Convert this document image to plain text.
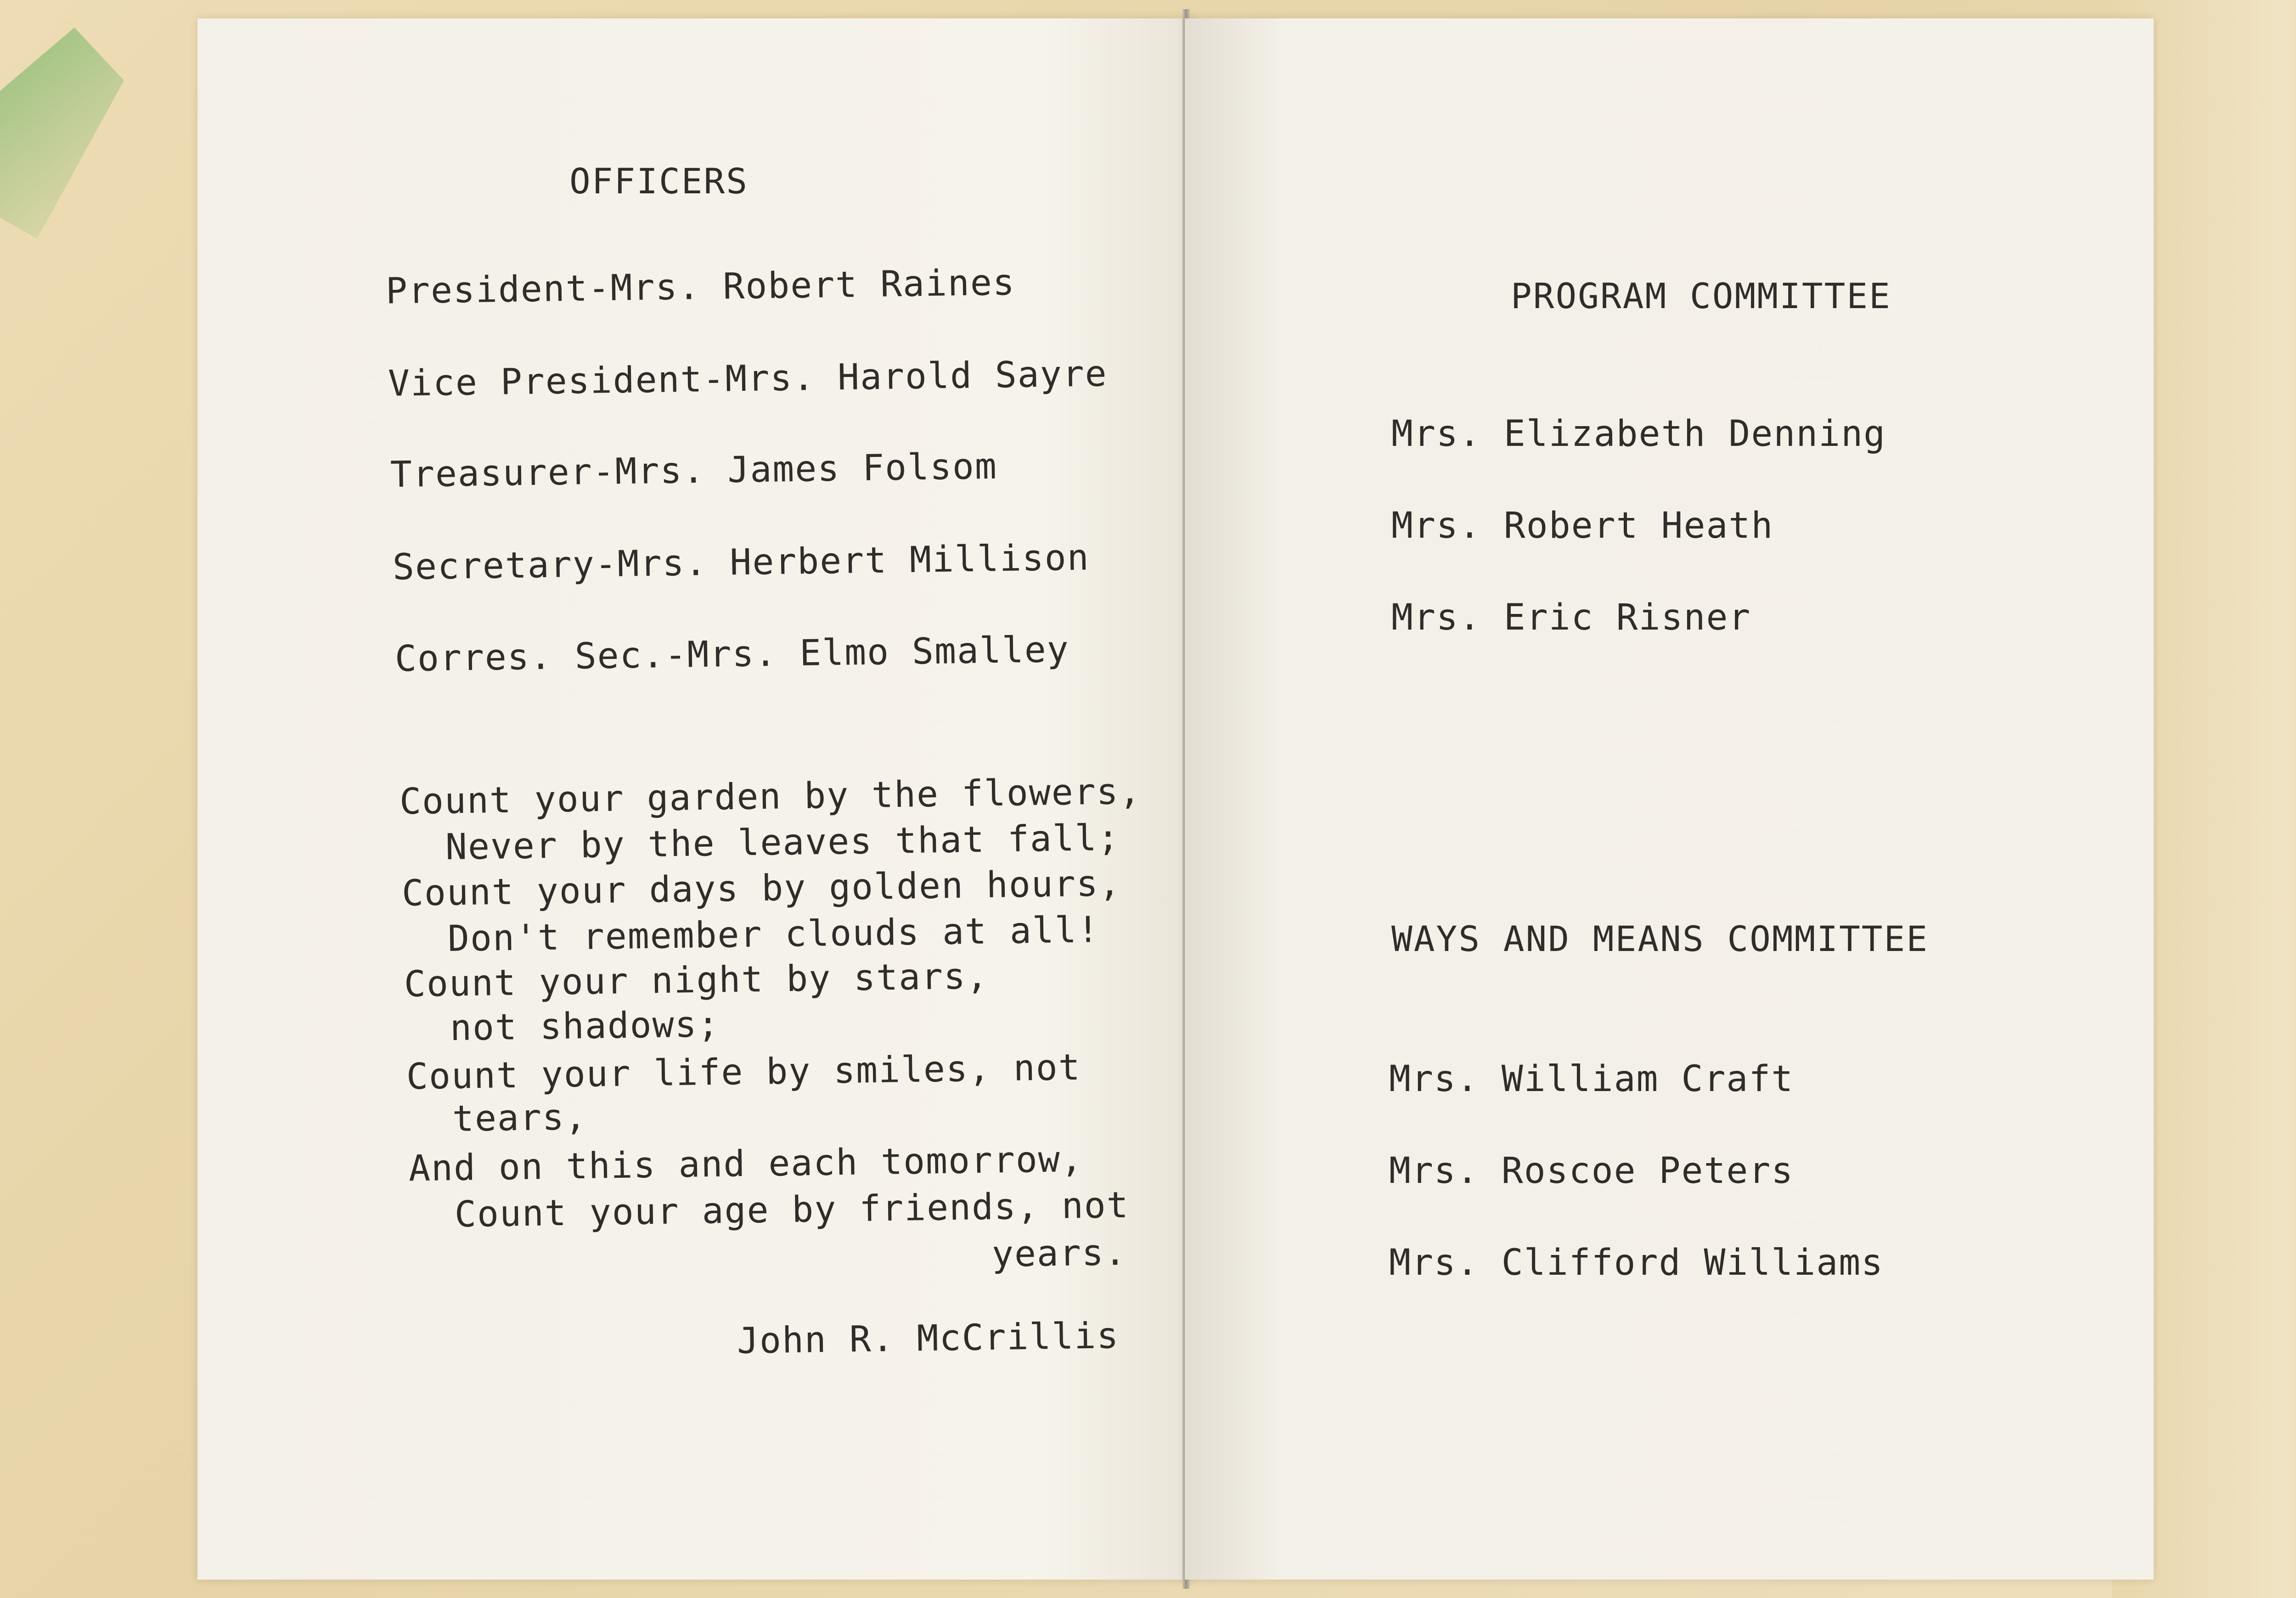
OFFICERS
President-Mrs. Robert Raines
Vice President-Mrs. Harold Sayre
Treasurer-Mrs. James Folsom
Secretary-Mrs. Herbert Millison
Corres. Sec.-Mrs. Elmo Smalley
Count your garden by the flowers,
Never by the leaves that fall;
Count your days by golden hours,
Don't remember clouds at all!
Count your night by stars,
not shadows;
Count your life by smiles, not
tears,
And on this and each tomorrow,
Count your age by friends, not
years.
John R. McCrillis
PROGRAM COMMITTEE
Mrs. Elizabeth Denning
Mrs. Robert Heath
Mrs. Eric Risner
WAYS AND MEANS COMMITTEE
Mrs. William Craft
Mrs. Roscoe Peters
Mrs. Clifford Williams
